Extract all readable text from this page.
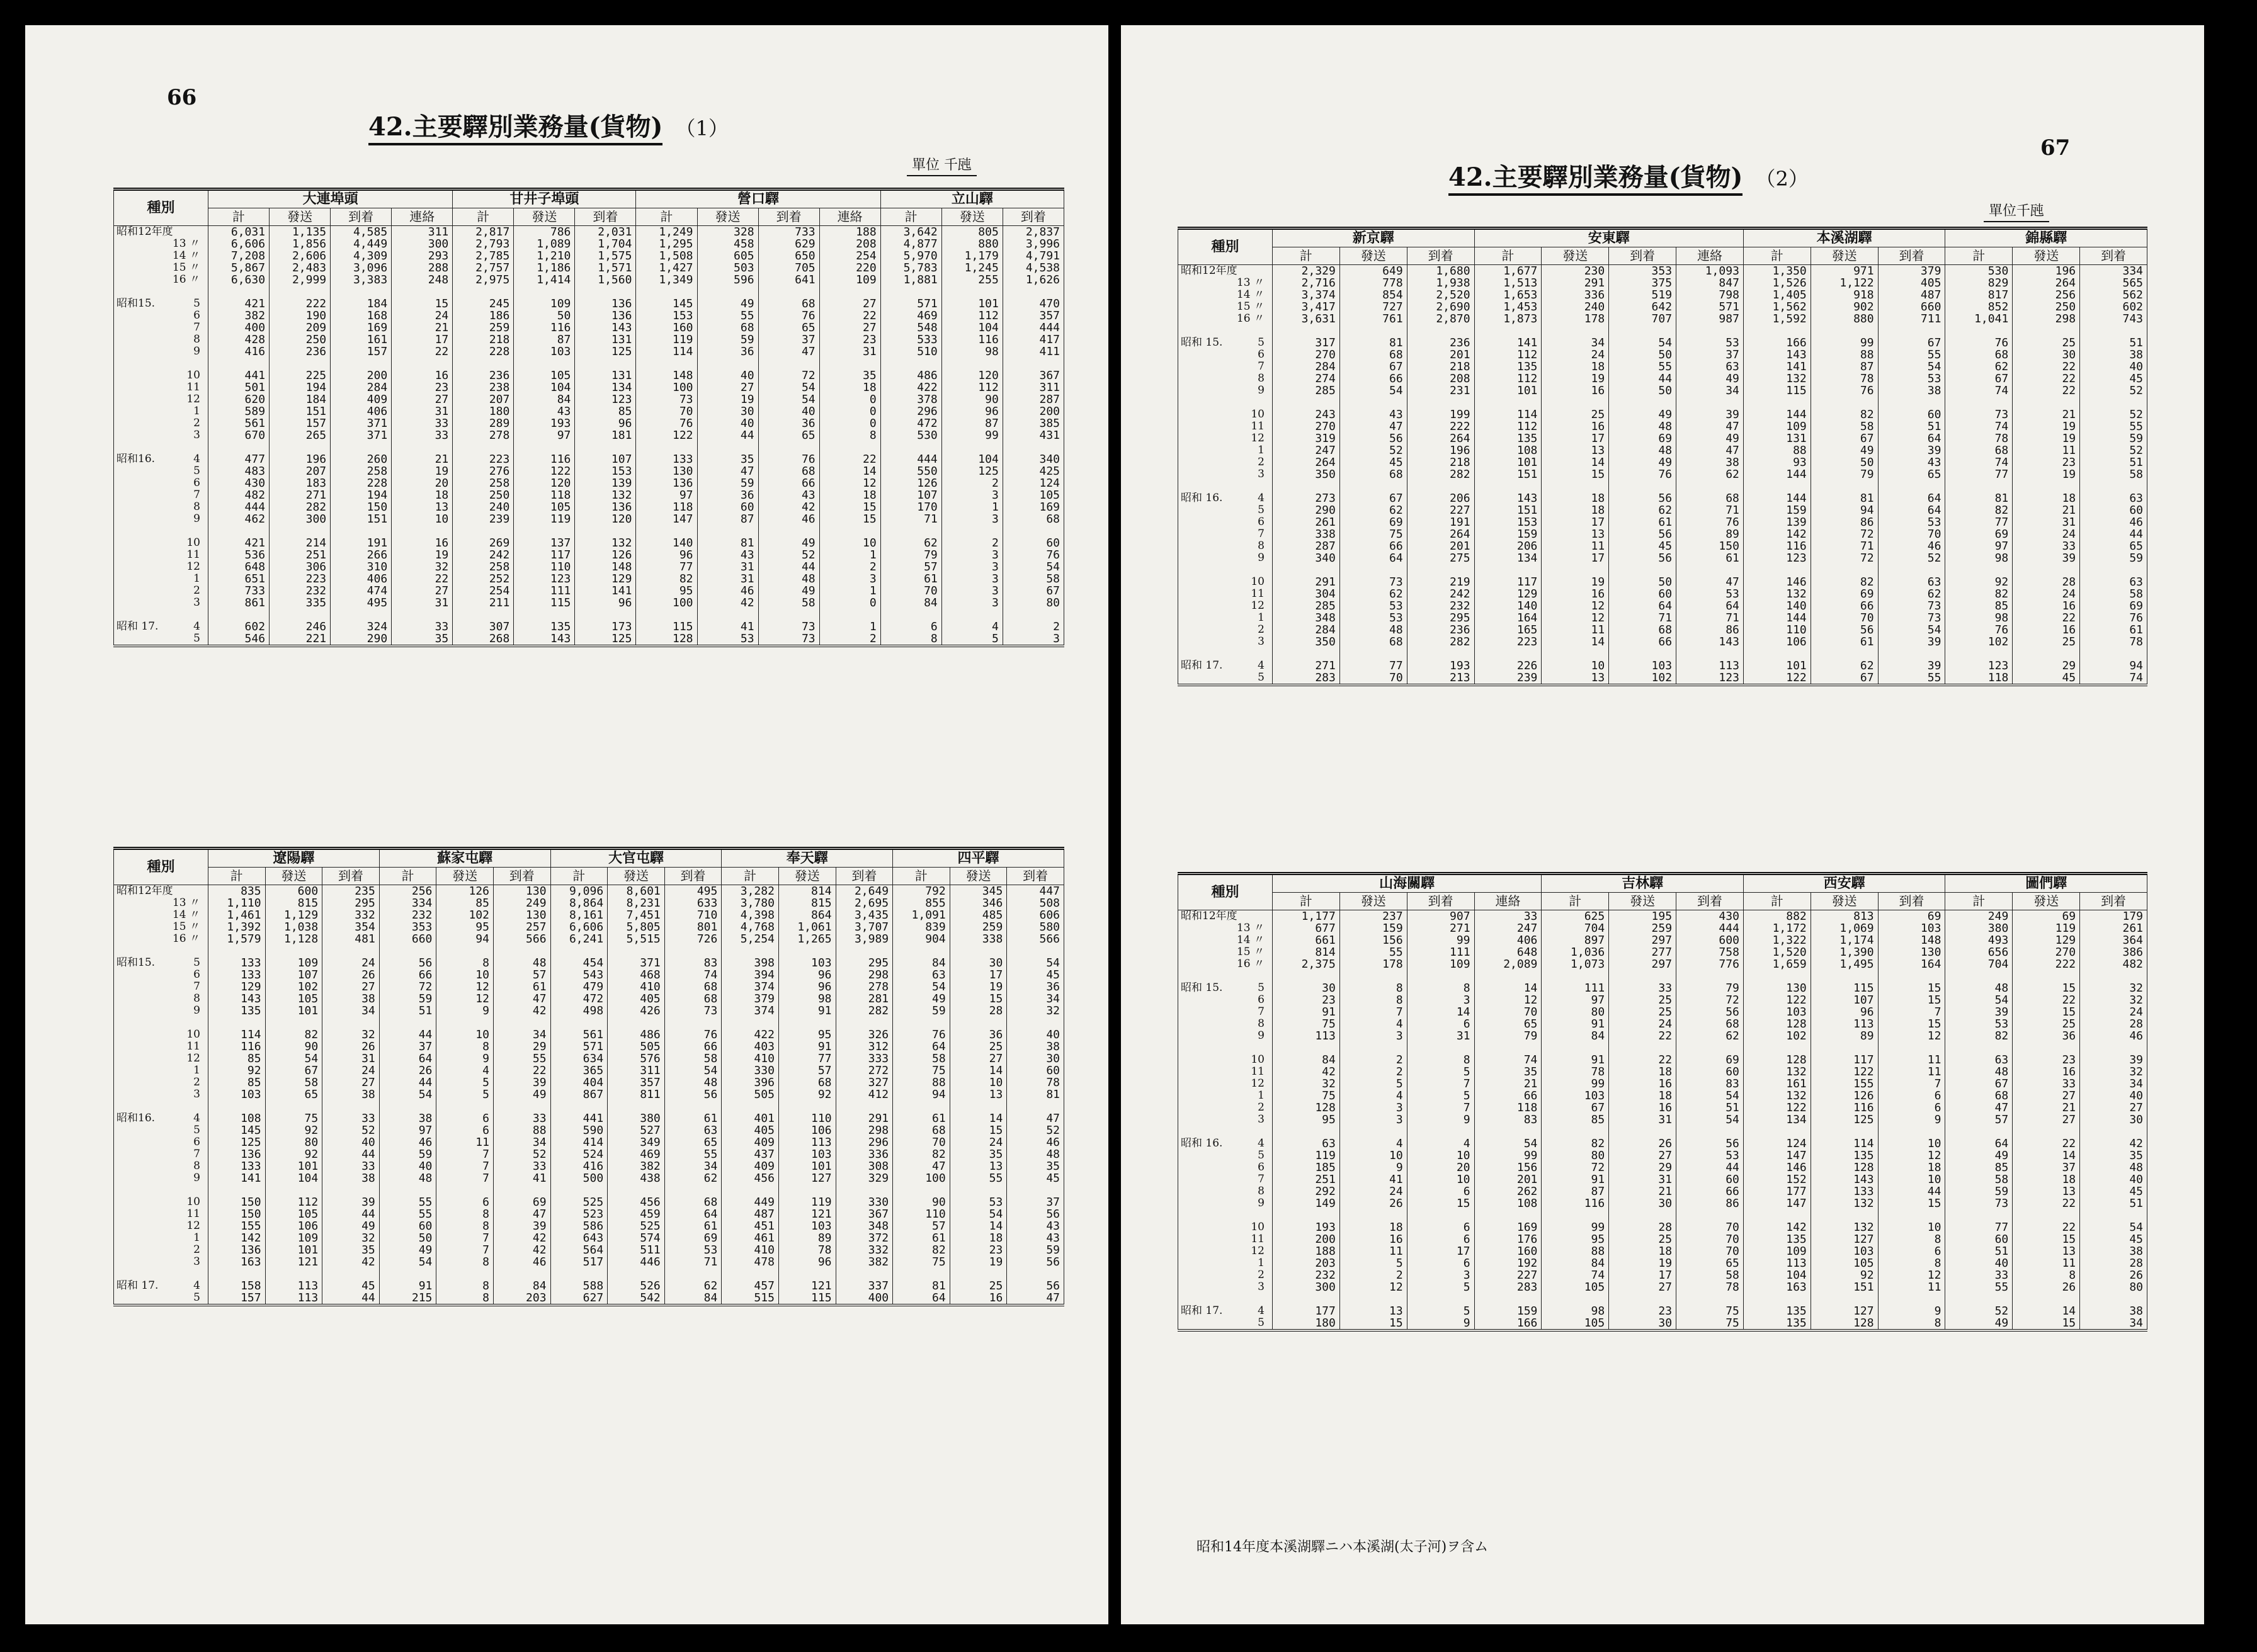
66
42.主要驛別業務量(貨物) （1）
單位 千瓲
種別	大連埠頭				甘井子埠頭			營口驛				立山驛		
	計	發送	到着	連絡	計	發送	到着	計	發送	到着	連絡	計	發送	到着
昭和12年度	6,031	1,135	4,585	311	2,817	786	2,031	1,249	328	733	188	3,642	805	2,837

13 〃	6,606	1,856	4,449	300	2,793	1,089	1,704	1,295	458	629	208	4,877	880	3,996

14 〃	7,208	2,606	4,309	293	2,785	1,210	1,575	1,508	605	650	254	5,970	1,179	4,791

15 〃	5,867	2,483	3,096	288	2,757	1,186	1,571	1,427	503	705	220	5,783	1,245	4,538

16 〃	6,630	2,999	3,383	248	2,975	1,414	1,560	1,349	596	641	109	1,881	255	1,626

昭和15. 5	421	222	184	15	245	109	136	145	49	68	27	571	101	470

6	382	190	168	24	186	50	136	153	55	76	22	469	112	357

7	400	209	169	21	259	116	143	160	68	65	27	548	104	444

8	428	250	161	17	218	87	131	119	59	37	23	533	116	417

9	416	236	157	22	228	103	125	114	36	47	31	510	98	411

10	441	225	200	16	236	105	131	148	40	72	35	486	120	367

11	501	194	284	23	238	104	134	100	27	54	18	422	112	311

12	620	184	409	27	207	84	123	73	19	54	0	378	90	287

1	589	151	406	31	180	43	85	70	30	40	0	296	96	200

2	561	157	371	33	289	193	96	76	40	36	0	472	87	385

3	670	265	371	33	278	97	181	122	44	65	8	530	99	431

昭和16. 4	477	196	260	21	223	116	107	133	35	76	22	444	104	340

5	483	207	258	19	276	122	153	130	47	68	14	550	125	425

6	430	183	228	20	258	120	139	136	59	66	12	126	2	124

7	482	271	194	18	250	118	132	97	36	43	18	107	3	105

8	444	282	150	13	240	105	136	118	60	42	15	170	1	169

9	462	300	151	10	239	119	120	147	87	46	15	71	3	68

10	421	214	191	16	269	137	132	140	81	49	10	62	2	60

11	536	251	266	19	242	117	126	96	43	52	1	79	3	76

12	648	306	310	32	258	110	148	77	31	44	2	57	3	54

1	651	223	406	22	252	123	129	82	31	48	3	61	3	58

2	733	232	474	27	254	111	141	95	46	49	1	70	3	67

3	861	335	495	31	211	115	96	100	42	58	0	84	3	80

昭和 17. 4	602	246	324	33	307	135	173	115	41	73	1	6	4	2

5	546	221	290	35	268	143	125	128	53	73	2	8	5	3
種別	遼陽驛			蘇家屯驛			大官屯驛			奉天驛			四平驛		
	計	發送	到着	計	發送	到着	計	發送	到着	計	發送	到着	計	發送	到着
昭和12年度	835	600	235	256	126	130	9,096	8,601	495	3,282	814	2,649	792	345	447

13 〃	1,110	815	295	334	85	249	8,864	8,231	633	3,780	815	2,695	855	346	508

14 〃	1,461	1,129	332	232	102	130	8,161	7,451	710	4,398	864	3,435	1,091	485	606

15 〃	1,392	1,038	354	353	95	257	6,606	5,805	801	4,768	1,061	3,707	839	259	580

16 〃	1,579	1,128	481	660	94	566	6,241	5,515	726	5,254	1,265	3,989	904	338	566

昭和15. 5	133	109	24	56	8	48	454	371	83	398	103	295	84	30	54

6	133	107	26	66	10	57	543	468	74	394	96	298	63	17	45

7	129	102	27	72	12	61	479	410	68	374	96	278	54	19	36

8	143	105	38	59	12	47	472	405	68	379	98	281	49	15	34

9	135	101	34	51	9	42	498	426	73	374	91	282	59	28	32

10	114	82	32	44	10	34	561	486	76	422	95	326	76	36	40

11	116	90	26	37	8	29	571	505	66	403	91	312	64	25	38

12	85	54	31	64	9	55	634	576	58	410	77	333	58	27	30

1	92	67	24	26	4	22	365	311	54	330	57	272	75	14	60

2	85	58	27	44	5	39	404	357	48	396	68	327	88	10	78

3	103	65	38	54	5	49	867	811	56	505	92	412	94	13	81

昭和16. 4	108	75	33	38	6	33	441	380	61	401	110	291	61	14	47

5	145	92	52	97	6	88	590	527	63	405	106	298	68	15	52

6	125	80	40	46	11	34	414	349	65	409	113	296	70	24	46

7	136	92	44	59	7	52	524	469	55	437	103	336	82	35	48

8	133	101	33	40	7	33	416	382	34	409	101	308	47	13	35

9	141	104	38	48	7	41	500	438	62	456	127	329	100	55	45

10	150	112	39	55	6	69	525	456	68	449	119	330	90	53	37

11	150	105	44	55	8	47	523	459	64	487	121	367	110	54	56

12	155	106	49	60	8	39	586	525	61	451	103	348	57	14	43

1	142	109	32	50	7	42	643	574	69	461	89	372	61	18	43

2	136	101	35	49	7	42	564	511	53	410	78	332	82	23	59

3	163	121	42	54	8	46	517	446	71	478	96	382	75	19	56

昭和 17. 4	158	113	45	91	8	84	588	526	62	457	121	337	81	25	56

5	157	113	44	215	8	203	627	542	84	515	115	400	64	16	47
67
42.主要驛別業務量(貨物) （2）
單位千瓲
種別	新京驛			安東驛				本溪湖驛			錦縣驛		
	計	發送	到着	計	發送	到着	連絡	計	發送	到着	計	發送	到着
昭和12年度	2,329	649	1,680	1,677	230	353	1,093	1,350	971	379	530	196	334

13 〃	2,716	778	1,938	1,513	291	375	847	1,526	1,122	405	829	264	565

14 〃	3,374	854	2,520	1,653	336	519	798	1,405	918	487	817	256	562

15 〃	3,417	727	2,690	1,453	240	642	571	1,562	902	660	852	250	602

16 〃	3,631	761	2,870	1,873	178	707	987	1,592	880	711	1,041	298	743

昭和 15. 5	317	81	236	141	34	54	53	166	99	67	76	25	51

6	270	68	201	112	24	50	37	143	88	55	68	30	38

7	284	67	218	135	18	55	63	141	87	54	62	22	40

8	274	66	208	112	19	44	49	132	78	53	67	22	45

9	285	54	231	101	16	50	34	115	76	38	74	22	52

10	243	43	199	114	25	49	39	144	82	60	73	21	52

11	270	47	222	112	16	48	47	109	58	51	74	19	55

12	319	56	264	135	17	69	49	131	67	64	78	19	59

1	247	52	196	108	13	48	47	88	49	39	68	11	52

2	264	45	218	101	14	49	38	93	50	43	74	23	51

3	350	68	282	151	15	76	62	144	79	65	77	19	58

昭和 16. 4	273	67	206	143	18	56	68	144	81	64	81	18	63

5	290	62	227	151	18	62	71	159	94	64	82	21	60

6	261	69	191	153	17	61	76	139	86	53	77	31	46

7	338	75	264	159	13	56	89	142	72	70	69	24	44

8	287	66	201	206	11	45	150	116	71	46	97	33	65

9	340	64	275	134	17	56	61	123	72	52	98	39	59

10	291	73	219	117	19	50	47	146	82	63	92	28	63

11	304	62	242	129	16	60	53	132	69	62	82	24	58

12	285	53	232	140	12	64	64	140	66	73	85	16	69

1	348	53	295	164	12	71	71	144	70	73	98	22	76

2	284	48	236	165	11	68	86	110	56	54	76	16	61

3	350	68	282	223	14	66	143	106	61	39	102	25	78

昭和 17. 4	271	77	193	226	10	103	113	101	62	39	123	29	94

5	283	70	213	239	13	102	123	122	67	55	118	45	74
種別	山海關驛				吉林驛			西安驛			圖們驛		
	計	發送	到着	連絡	計	發送	到着	計	發送	到着	計	發送	到着
昭和12年度	1,177	237	907	33	625	195	430	882	813	69	249	69	179

13 〃	677	159	271	247	704	259	444	1,172	1,069	103	380	119	261

14 〃	661	156	99	406	897	297	600	1,322	1,174	148	493	129	364

15 〃	814	55	111	648	1,036	277	758	1,520	1,390	130	656	270	386

16 〃	2,375	178	109	2,089	1,073	297	776	1,659	1,495	164	704	222	482

昭和 15. 5	30	8	8	14	111	33	79	130	115	15	48	15	32

6	23	8	3	12	97	25	72	122	107	15	54	22	32

7	91	7	14	70	80	25	56	103	96	7	39	15	24

8	75	4	6	65	91	24	68	128	113	15	53	25	28

9	113	3	31	79	84	22	62	102	89	12	82	36	46

10	84	2	8	74	91	22	69	128	117	11	63	23	39

11	42	2	5	35	78	18	60	132	122	11	48	16	32

12	32	5	7	21	99	16	83	161	155	7	67	33	34

1	75	4	5	66	103	18	54	132	126	6	68	27	40

2	128	3	7	118	67	16	51	122	116	6	47	21	27

3	95	3	9	83	85	31	54	134	125	9	57	27	30

昭和 16. 4	63	4	4	54	82	26	56	124	114	10	64	22	42

5	119	10	10	99	80	27	53	147	135	12	49	14	35

6	185	9	20	156	72	29	44	146	128	18	85	37	48

7	251	41	10	201	91	31	60	152	143	10	58	18	40

8	292	24	6	262	87	21	66	177	133	44	59	13	45

9	149	26	15	108	116	30	86	147	132	15	73	22	51

10	193	18	6	169	99	28	70	142	132	10	77	22	54

11	200	16	6	176	95	25	70	135	127	8	60	15	45

12	188	11	17	160	88	18	70	109	103	6	51	13	38

1	203	5	6	192	84	19	65	113	105	8	40	11	28

2	232	2	3	227	74	17	58	104	92	12	33	8	26

3	300	12	5	283	105	27	78	163	151	11	55	26	80

昭和 17. 4	177	13	5	159	98	23	75	135	127	9	52	14	38

5	180	15	9	166	105	30	75	135	128	8	49	15	34
昭和14年度本溪湖驛ニハ本溪湖(太子河)ヲ含ム
